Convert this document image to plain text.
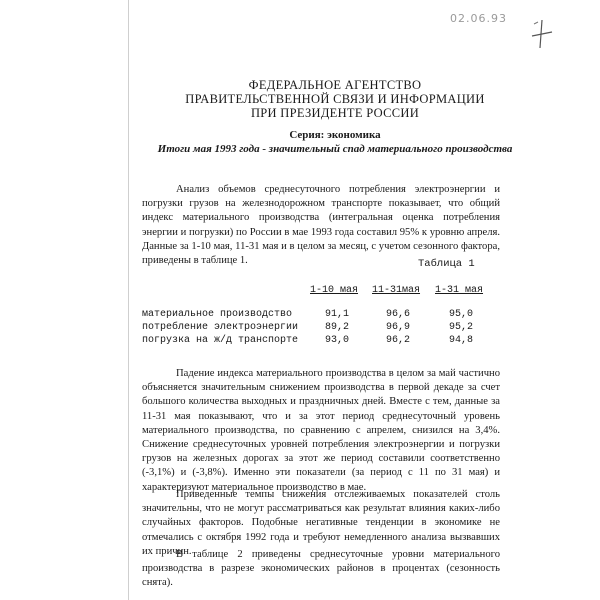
02.06.93
ФЕДЕРАЛЬНОЕ АГЕНТСТВО
ПРАВИТЕЛЬСТВЕННОЙ СВЯЗИ И ИНФОРМАЦИИ
ПРИ ПРЕЗИДЕНТЕ РОССИИ
Серия: экономика
Итоги мая 1993 года - значительный спад материального производства
Анализ объемов среднесуточного потребления электроэнергии и погрузки грузов на железнодорожном транспорте показывает, что общий индекс материального производства (интегральная оценка потребления энергии и погрузки) по России в мае 1993 года составил 95% к уровню апреля. Данные за 1-10 мая, 11-31 мая и в целом за месяц, с учетом сезонного фактора, приведены в таблице 1.	Таблица 1
1-10 мая 11-31мая 1-31 мая
материальное производство	91,1	96,6	95,0
потребление электроэнергии	89,2	96,9	95,2
погрузка на ж/д транспорте	93,0	96,2	94,8
Падение индекса материального производства в целом за май частично объясняется значительным снижением производства в первой декаде за счет большого количества выходных и праздничных дней. Вместе с тем, данные за 11-31 мая показывают, что и за этот период среднесуточный уровень материального производства, по сравнению с апрелем, снизился на 3,4%. Снижение среднесуточных уровней потребления электроэнергии и погрузки грузов на железных дорогах за этот же период составили соответственно (-3,1%) и (-3,8%). Именно эти показатели (за период с 11 по 31 мая) и характеризуют материальное производство в мае.
Приведенные темпы снижения отслеживаемых показателей столь значительны, что не могут рассматриваться как результат влияния каких-либо случайных факторов. Подобные негативные тенденции в экономике не отмечались с октября 1992 года и требуют немедленного анализа вызвавших их причин.
В таблице 2 приведены среднесуточные уровни материального производства в разрезе экономических районов в процентах (сезонность снята).
